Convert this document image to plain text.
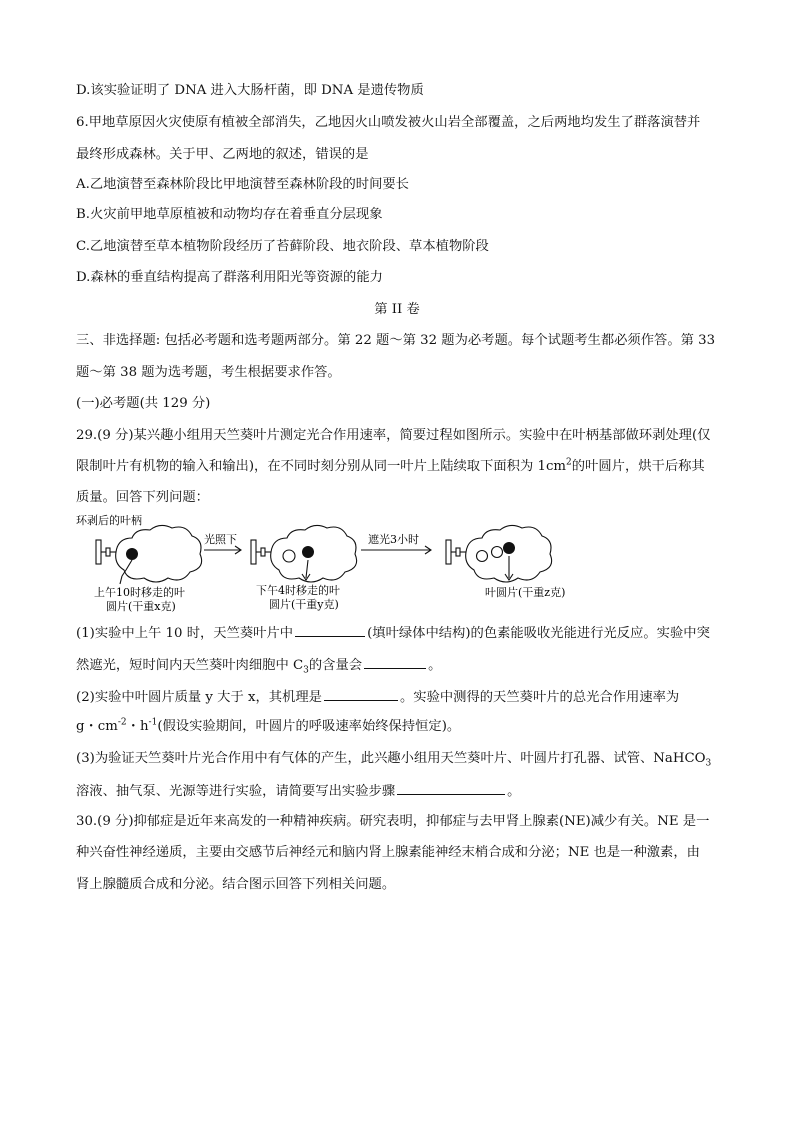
D.该实验证明了 DNA 进入大肠杆菌，即 DNA 是遗传物质
6.甲地草原因火灾使原有植被全部消失，乙地因火山喷发被火山岩全部覆盖，之后两地均发生了群落演替并
最终形成森林。关于甲、乙两地的叙述，错误的是
A.乙地演替至森林阶段比甲地演替至森林阶段的时间要长
B.火灾前甲地草原植被和动物均存在着垂直分层现象
C.乙地演替至草本植物阶段经历了苔藓阶段、地衣阶段、草本植物阶段
D.森林的垂直结构提高了群落利用阳光等资源的能力
第 II 卷
三、非选择题: 包括必考题和选考题两部分。第 22 题～第 32 题为必考题。每个试题考生都必须作答。第 33
题～第 38 题为选考题，考生根据要求作答。
(一)必考题(共 129 分)
29.(9 分)某兴趣小组用天竺葵叶片测定光合作用速率，简要过程如图所示。实验中在叶柄基部做环剥处理(仅
限制叶片有机物的输入和输出)，在不同时刻分别从同一叶片上陆续取下面积为 $1cm^2$的叶圆片，烘干后称其
质量。回答下列问题：
环剥后的叶柄
光照下	遮光3小时
上午10时移走的叶
圆片(干重x克)
下午4时移走的叶
圆片(干重y克)
叶圆片(干重z克)
(1)实验中上午 10 时，天竺葵叶片中	(填叶绿体中结构)的色素能吸收光能进行光反应。实验中突
然遮光，短时间内天竺葵叶肉细胞中 $C_3$的含量会	。
(2)实验中叶圆片质量 y 大于 x，其机理是	。实验中测得的天竺葵叶片的总光合作用速率为
g・$cm^{-2}$・$h^{-1}$(假设实验期间，叶圆片的呼吸速率始终保持恒定)。
(3)为验证天竺葵叶片光合作用中有气体的产生，此兴趣小组用天竺葵叶片、叶圆片打孔器、试管、NaHCO$_3$
溶液、抽气泵、光源等进行实验，请简要写出实验步骤	。
30.(9 分)抑郁症是近年来高发的一种精神疾病。研究表明，抑郁症与去甲肾上腺素(NE)减少有关。NE 是一
种兴奋性神经递质，主要由交感节后神经元和脑内肾上腺素能神经末梢合成和分泌；NE 也是一种激素，由
肾上腺髓质合成和分泌。结合图示回答下列相关问题。
